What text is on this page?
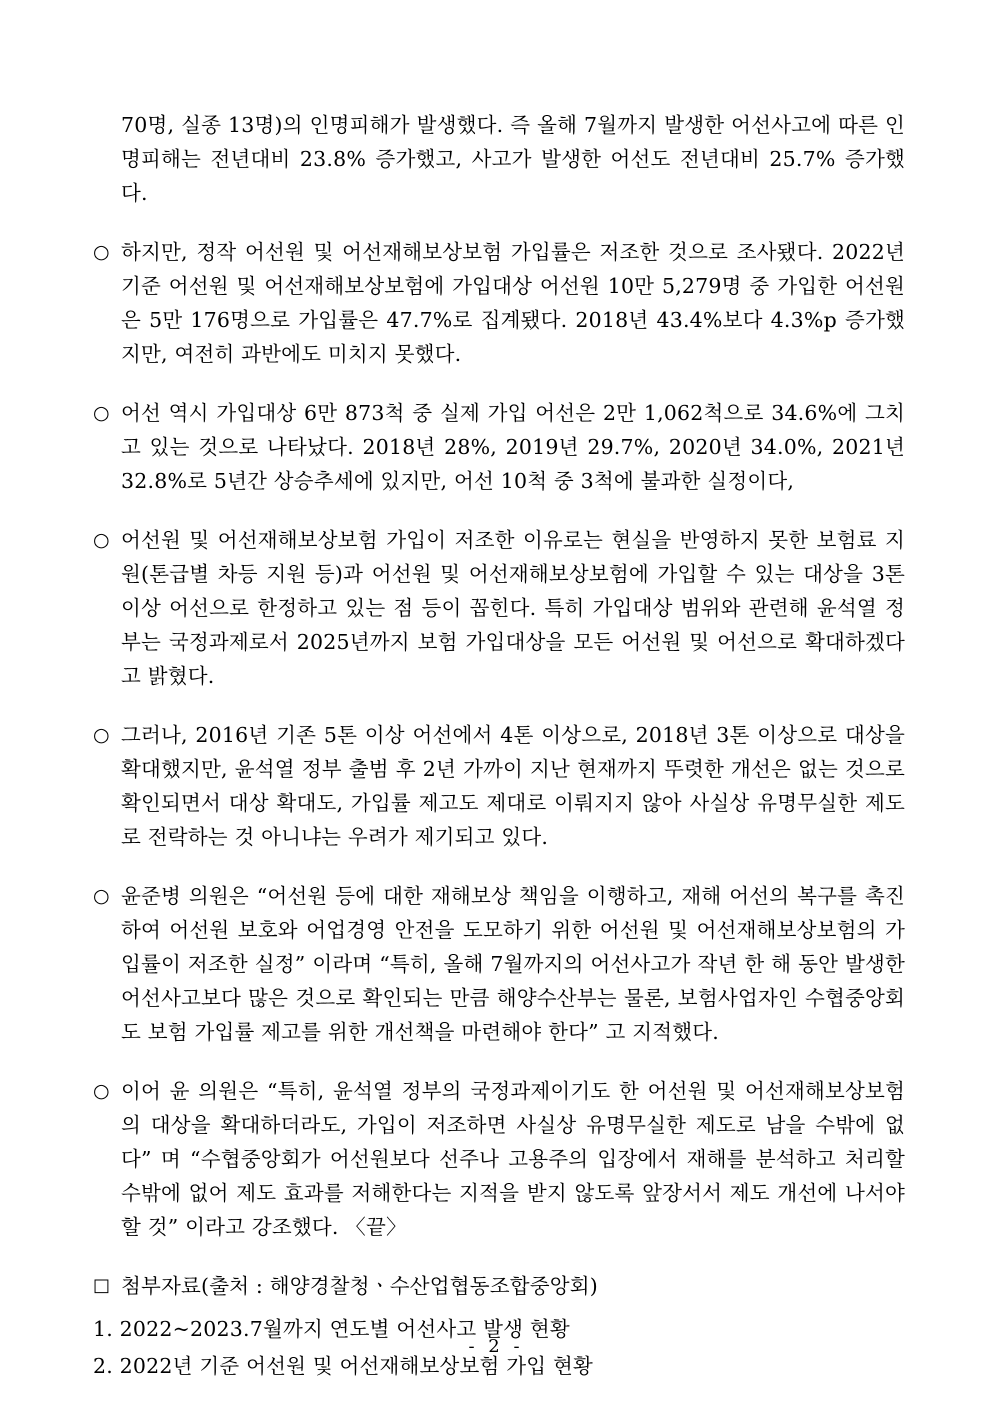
70명, 실종 13명)의 인명피해가 발생했다. 즉 올해 7월까지 발생한 어선사고에 따른 인명피해는 전년대비 23.8% 증가했고, 사고가 발생한 어선도 전년대비 25.7% 증가했다.
○ 하지만, 정작 어선원 및 어선재해보상보험 가입률은 저조한 것으로 조사됐다. 2022년 기준 어선원 및 어선재해보상보험에 가입대상 어선원 10만 5,279명 중 가입한 어선원은 5만 176명으로 가입률은 47.7%로 집계됐다. 2018년 43.4%보다 4.3%p 증가했지만, 여전히 과반에도 미치지 못했다.
○ 어선 역시 가입대상 6만 873척 중 실제 가입 어선은 2만 1,062척으로 34.6%에 그치고 있는 것으로 나타났다. 2018년 28%, 2019년 29.7%, 2020년 34.0%, 2021년 32.8%로 5년간 상승추세에 있지만, 어선 10척 중 3척에 불과한 실정이다,
○ 어선원 및 어선재해보상보험 가입이 저조한 이유로는 현실을 반영하지 못한 보험료 지원(톤급별 차등 지원 등)과 어선원 및 어선재해보상보험에 가입할 수 있는 대상을 3톤 이상 어선으로 한정하고 있는 점 등이 꼽힌다. 특히 가입대상 범위와 관련해 윤석열 정부는 국정과제로서 2025년까지 보험 가입대상을 모든 어선원 및 어선으로 확대하겠다고 밝혔다.
○ 그러나, 2016년 기존 5톤 이상 어선에서 4톤 이상으로, 2018년 3톤 이상으로 대상을 확대했지만, 윤석열 정부 출범 후 2년 가까이 지난 현재까지 뚜렷한 개선은 없는 것으로 확인되면서 대상 확대도, 가입률 제고도 제대로 이뤄지지 않아 사실상 유명무실한 제도로 전락하는 것 아니냐는 우려가 제기되고 있다.
○ 윤준병 의원은 “어선원 등에 대한 재해보상 책임을 이행하고, 재해 어선의 복구를 촉진하여 어선원 보호와 어업경영 안전을 도모하기 위한 어선원 및 어선재해보상보험의 가입률이 저조한 실정” 이라며 “특히, 올해 7월까지의 어선사고가 작년 한 해 동안 발생한 어선사고보다 많은 것으로 확인되는 만큼 해양수산부는 물론, 보험사업자인 수협중앙회도 보험 가입률 제고를 위한 개선책을 마련해야 한다” 고 지적했다.
○ 이어 윤 의원은 “특히, 윤석열 정부의 국정과제이기도 한 어선원 및 어선재해보상보험의 대상을 확대하더라도, 가입이 저조하면 사실상 유명무실한 제도로 남을 수밖에 없다” 며 “수협중앙회가 어선원보다 선주나 고용주의 입장에서 재해를 분석하고 처리할 수밖에 없어 제도 효과를 저해한다는 지적을 받지 않도록 앞장서서 제도 개선에 나서야 할 것” 이라고 강조했다. 〈끝〉
□ 첨부자료(출처 : 해양경찰청ㆍ수산업협동조합중앙회)
1. 2022~2023.7월까지 연도별 어선사고 발생 현황
2. 2022년 기준 어선원 및 어선재해보상보험 가입 현황
- 2 -
